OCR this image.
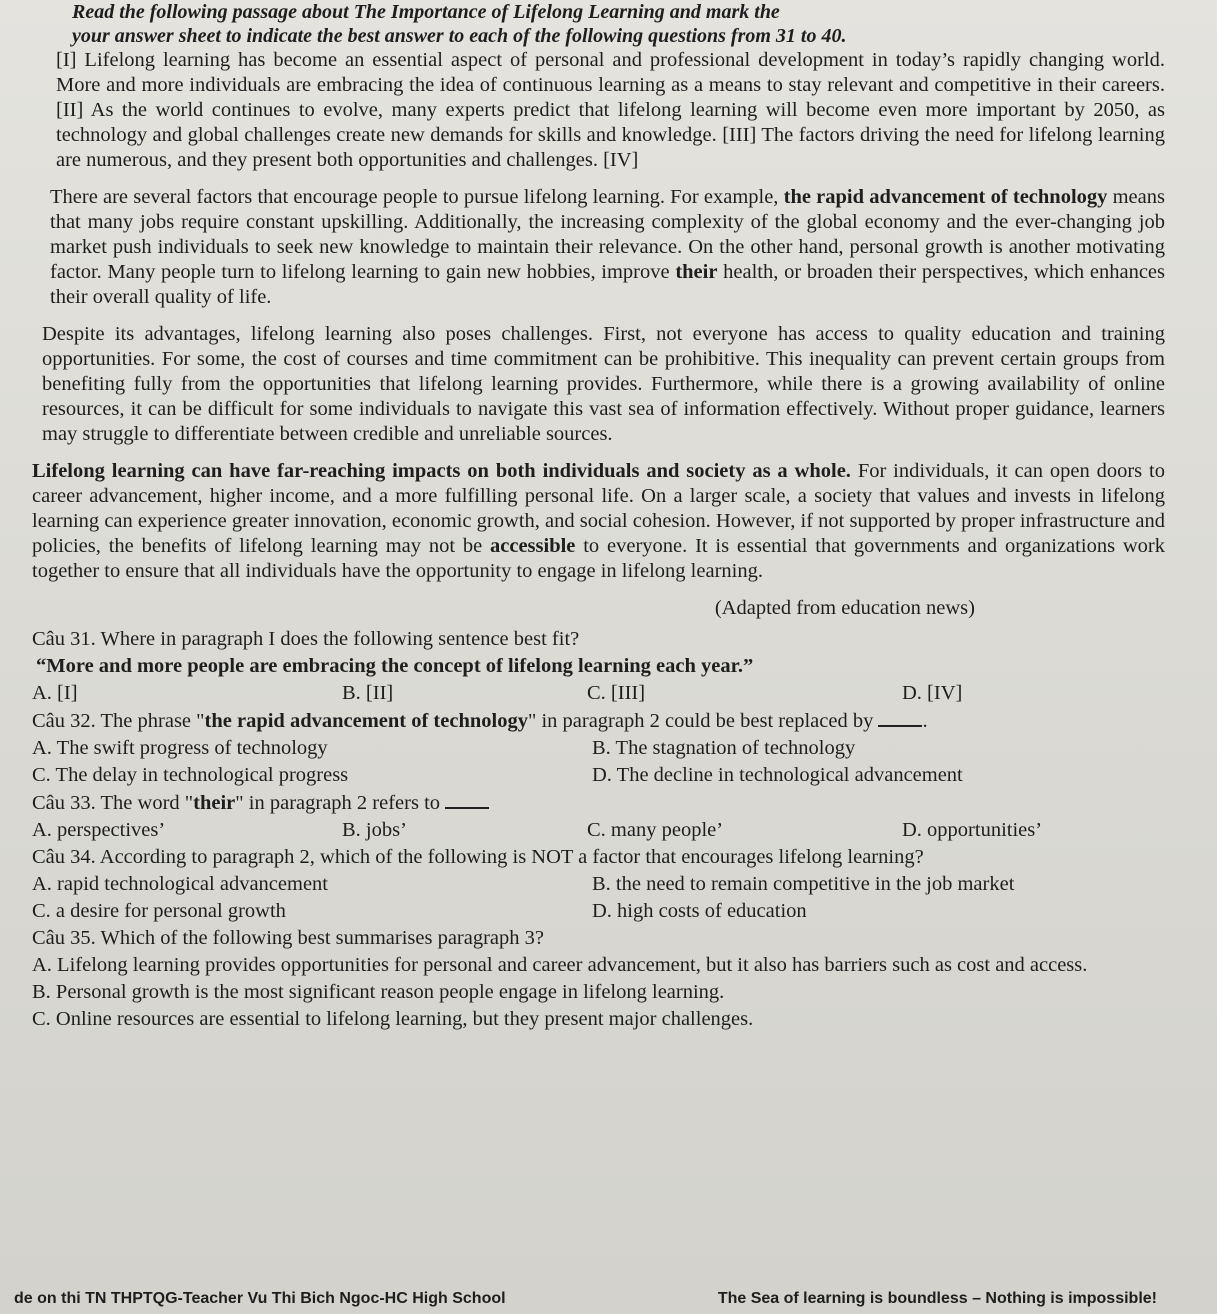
Read the following passage about The Importance of Lifelong Learning and mark the
your answer sheet to indicate the best answer to each of the following questions from 31 to 40.

[I] Lifelong learning has become an essential aspect of personal and professional development in today’s rapidly changing world. More and more individuals are embracing the idea of continuous learning as a means to stay relevant and competitive in their careers. [II] As the world continues to evolve, many experts predict that lifelong learning will become even more important by 2050, as technology and global challenges create new demands for skills and knowledge. [III] The factors driving the need for lifelong learning are numerous, and they present both opportunities and challenges. [IV]

There are several factors that encourage people to pursue lifelong learning. For example, the rapid advancement of technology means that many jobs require constant upskilling. Additionally, the increasing complexity of the global economy and the ever-changing job market push individuals to seek new knowledge to maintain their relevance. On the other hand, personal growth is another motivating factor. Many people turn to lifelong learning to gain new hobbies, improve their health, or broaden their perspectives, which enhances their overall quality of life.

Despite its advantages, lifelong learning also poses challenges. First, not everyone has access to quality education and training opportunities. For some, the cost of courses and time commitment can be prohibitive. This inequality can prevent certain groups from benefiting fully from the opportunities that lifelong learning provides. Furthermore, while there is a growing availability of online resources, it can be difficult for some individuals to navigate this vast sea of information effectively. Without proper guidance, learners may struggle to differentiate between credible and unreliable sources.

Lifelong learning can have far-reaching impacts on both individuals and society as a whole. For individuals, it can open doors to career advancement, higher income, and a more fulfilling personal life. On a larger scale, a society that values and invests in lifelong learning can experience greater innovation, economic growth, and social cohesion. However, if not supported by proper infrastructure and policies, the benefits of lifelong learning may not be accessible to everyone. It is essential that governments and organizations work together to ensure that all individuals have the opportunity to engage in lifelong learning.

(Adapted from education news)
Câu 31. Where in paragraph I does the following sentence best fit?
“More and more people are embracing the concept of lifelong learning each year.”
A. [I]	B. [II]	C. [III]	D. [IV]
Câu 32. The phrase "the rapid advancement of technology" in paragraph 2 could be best replaced by .
A. The swift progress of technology	B. The stagnation of technology
C. The delay in technological progress	D. The decline in technological advancement
Câu 33. The word "their" in paragraph 2 refers to
A. perspectives’	B. jobs’	C. many people’	D. opportunities’
Câu 34. According to paragraph 2, which of the following is NOT a factor that encourages lifelong learning?
A. rapid technological advancement	B. the need to remain competitive in the job market
C. a desire for personal growth	D. high costs of education
Câu 35. Which of the following best summarises paragraph 3?
A. Lifelong learning provides opportunities for personal and career advancement, but it also has barriers such as cost and access.
B. Personal growth is the most significant reason people engage in lifelong learning.
C. Online resources are essential to lifelong learning, but they present major challenges.
de on thi TN THPTQG-Teacher Vu Thi Bich Ngoc-HC High School	The Sea of learning is boundless – Nothing is impossible!
